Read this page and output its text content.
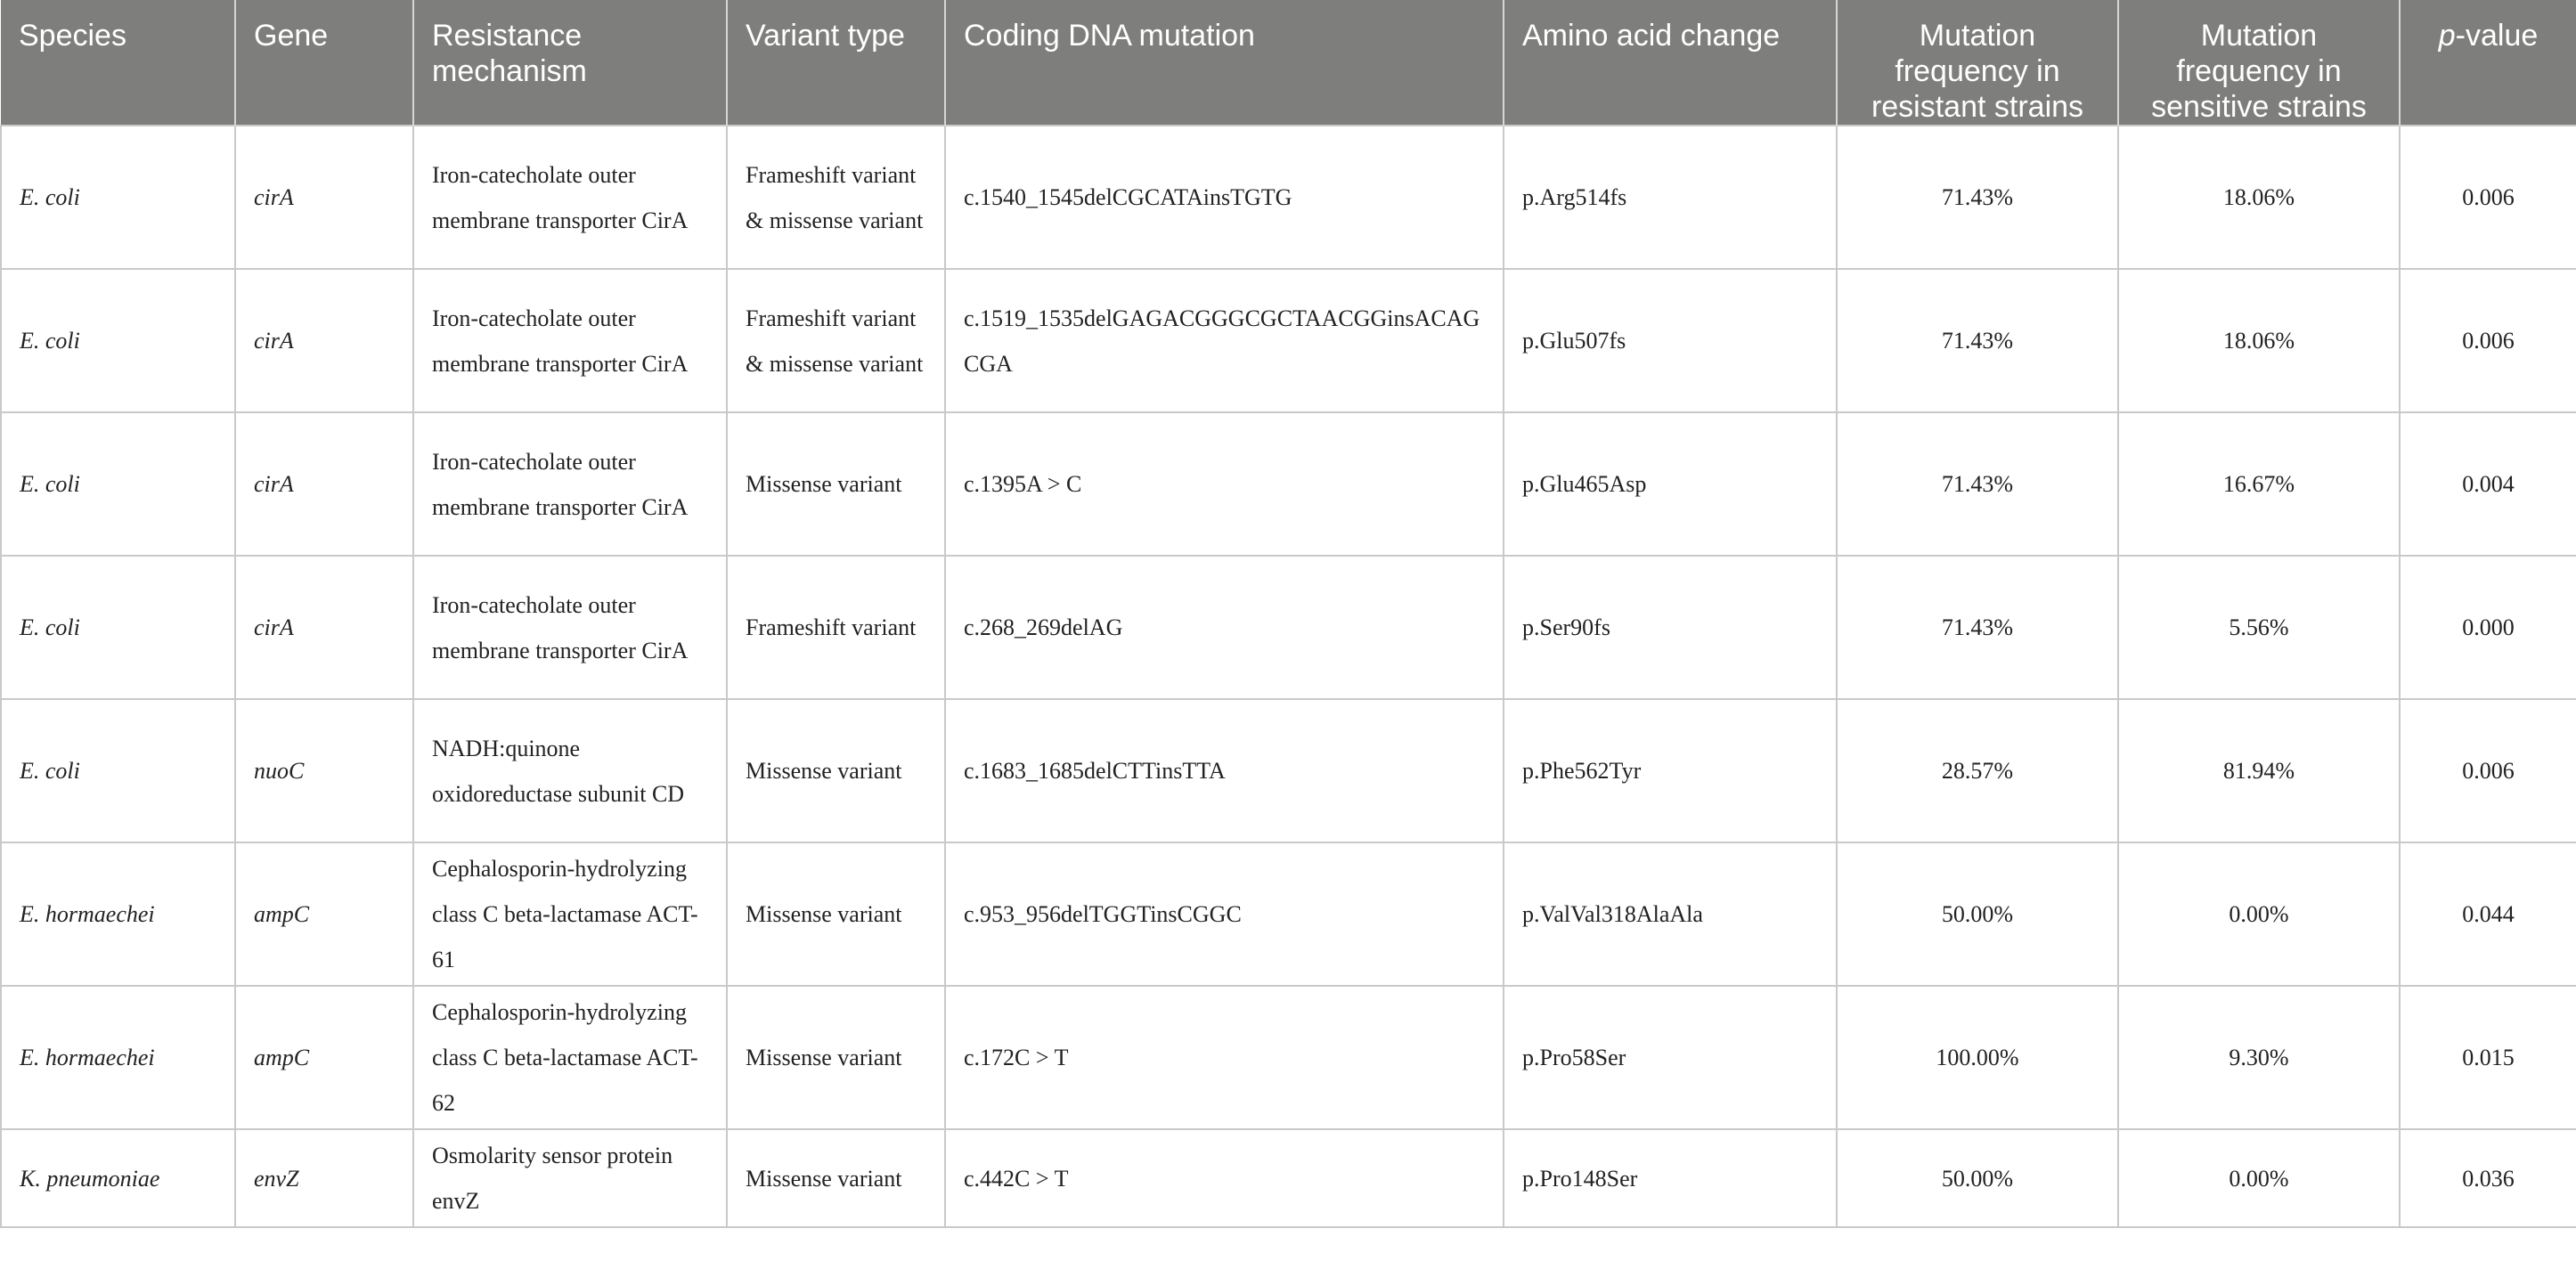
Species	Gene	Resistance mechanism	Variant type	Coding DNA mutation	Amino acid change	Mutation frequency in resistant strains	Mutation frequency in sensitive strains	p-value
E. coli	cirA	Iron-catecholate outer membrane transporter CirA	Frameshift variant & missense variant	c.1540_1545delCGCATAinsTGTG	p.Arg514fs	71.43%	18.06%	0.006
E. coli	cirA	Iron-catecholate outer membrane transporter CirA	Frameshift variant & missense variant	c.1519_1535delGAGACGGGCGCTAACGGinsACAGCGA	p.Glu507fs	71.43%	18.06%	0.006
E. coli	cirA	Iron-catecholate outer membrane transporter CirA	Missense variant	c.1395A > C	p.Glu465Asp	71.43%	16.67%	0.004
E. coli	cirA	Iron-catecholate outer membrane transporter CirA	Frameshift variant	c.268_269delAG	p.Ser90fs	71.43%	5.56%	0.000
E. coli	nuoC	NADH:quinone oxidoreductase subunit CD	Missense variant	c.1683_1685delCTTinsTTA	p.Phe562Tyr	28.57%	81.94%	0.006
E. hormaechei	ampC	Cephalosporin-hydrolyzing class C beta-lactamase ACT-61	Missense variant	c.953_956delTGGTinsCGGC	p.ValVal318AlaAla	50.00%	0.00%	0.044
E. hormaechei	ampC	Cephalosporin-hydrolyzing class C beta-lactamase ACT-62	Missense variant	c.172C > T	p.Pro58Ser	100.00%	9.30%	0.015
K. pneumoniae	envZ	Osmolarity sensor protein envZ	Missense variant	c.442C > T	p.Pro148Ser	50.00%	0.00%	0.036
